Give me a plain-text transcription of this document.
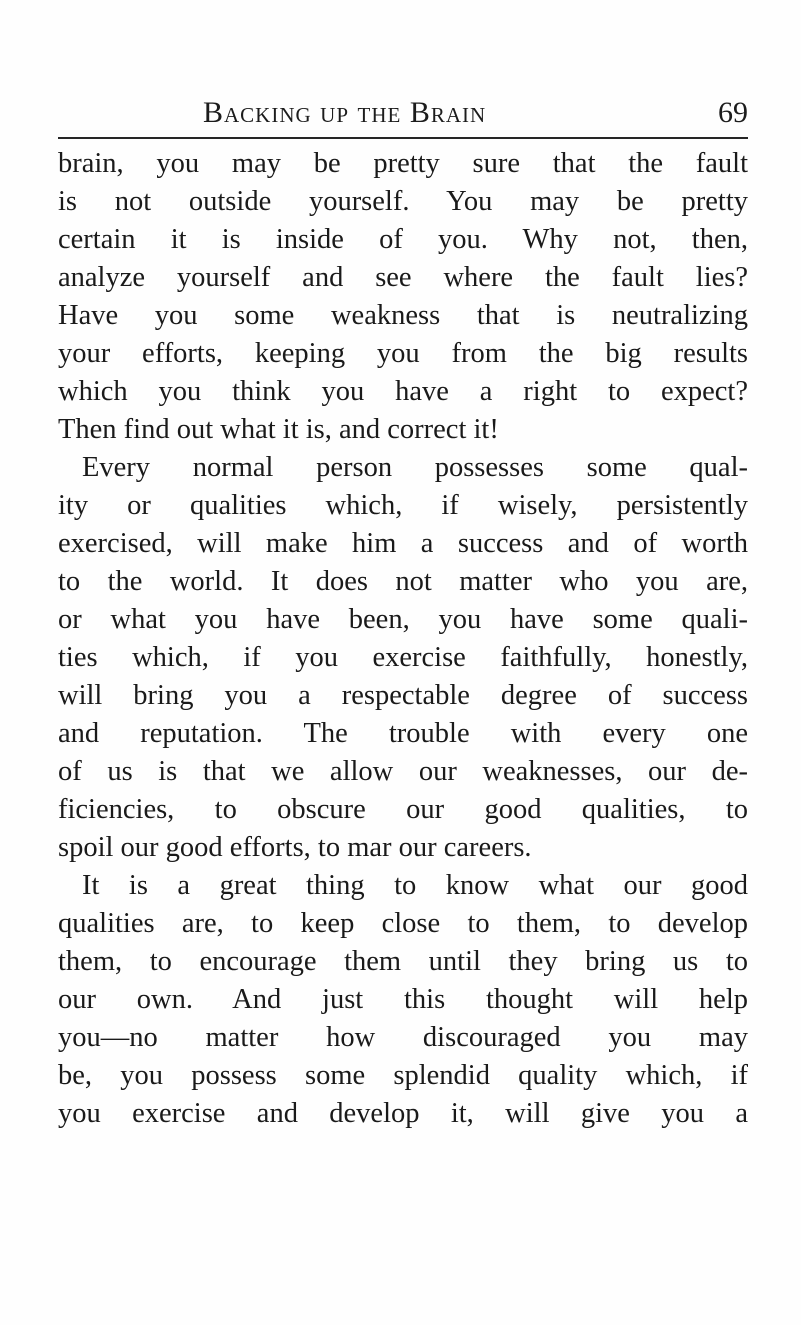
Backing up the Brain	69
brain, you may be pretty sure that the fault
is not outside yourself. You may be pretty
certain it is inside of you. Why not, then,
analyze yourself and see where the fault lies?
Have you some weakness that is neutralizing
your efforts, keeping you from the big results
which you think you have a right to expect?
Then find out what it is, and correct it!
Every normal person possesses some qual-
ity or qualities which, if wisely, persistently
exercised, will make him a success and of worth
to the world. It does not matter who you are,
or what you have been, you have some quali-
ties which, if you exercise faithfully, honestly,
will bring you a respectable degree of success
and reputation. The trouble with every one
of us is that we allow our weaknesses, our de-
ficiencies, to obscure our good qualities, to
spoil our good efforts, to mar our careers.
It is a great thing to know what our good
qualities are, to keep close to them, to develop
them, to encourage them until they bring us to
our own. And just this thought will help
you—no matter how discouraged you may
be, you possess some splendid quality which, if
you exercise and develop it, will give you a
